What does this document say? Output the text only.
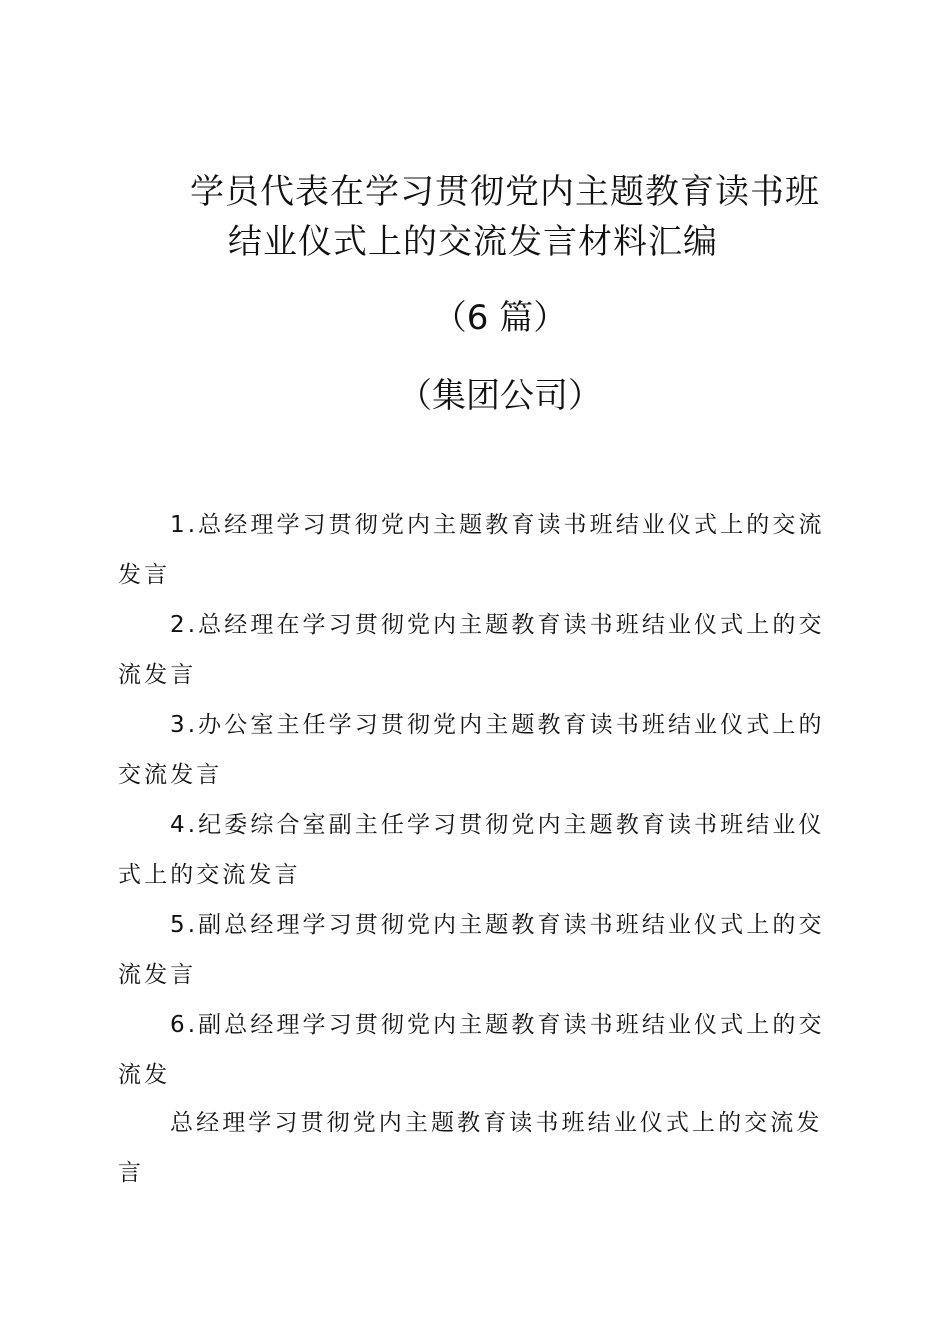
学员代表在学习贯彻党内主题教育读书班
结业仪式上的交流发言材料汇编
（6 篇）
（集团公司）
1.总经理学习贯彻党内主题教育读书班结业仪式上的交流
发言
2.总经理在学习贯彻党内主题教育读书班结业仪式上的交
流发言
3.办公室主任学习贯彻党内主题教育读书班结业仪式上的
交流发言
4.纪委综合室副主任学习贯彻党内主题教育读书班结业仪
式上的交流发言
5.副总经理学习贯彻党内主题教育读书班结业仪式上的交
流发言
6.副总经理学习贯彻党内主题教育读书班结业仪式上的交
流发
总经理学习贯彻党内主题教育读书班结业仪式上的交流发
言
